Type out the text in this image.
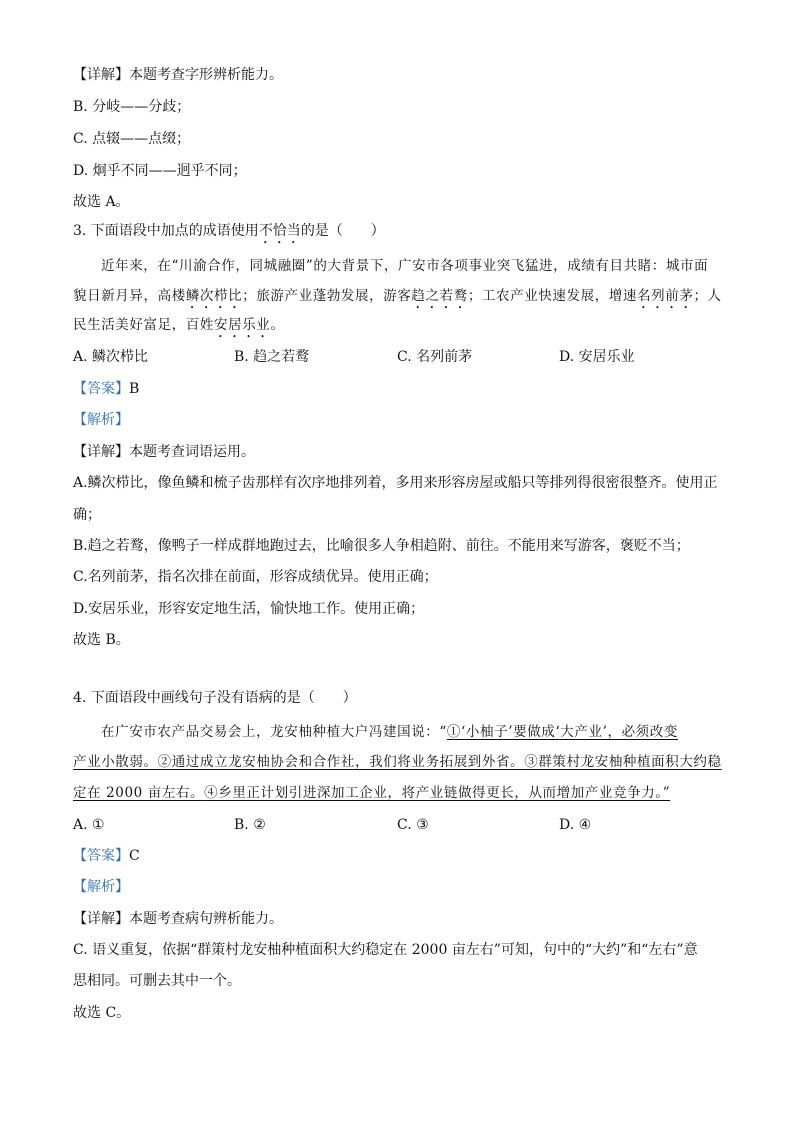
【详解】本题考查字形辨析能力。
B. 分岐——分歧；
C. 点辍——点缀；
D. 炯乎不同——迥乎不同；
故选 A。
3. 下面语段中加点的成语使用不恰当的是（　　）
近年来，在“川渝合作，同城融圈”的大背景下，广安市各项事业突飞猛进，成绩有目共睹：城市面
貌日新月异，高楼鳞次栉比；旅游产业蓬勃发展，游客趋之若鹜；工农产业快速发展，增速名列前茅；人
民生活美好富足，百姓安居乐业。
A. 鳞次栉比	B. 趋之若鹜	C. 名列前茅	D. 安居乐业
【答案】B
【解析】
【详解】本题考查词语运用。
A.鳞次栉比，像鱼鳞和梳子齿那样有次序地排列着，多用来形容房屋或船只等排列得很密很整齐。使用正
确；
B.趋之若鹜，像鸭子一样成群地跑过去，比喻很多人争相趋附、前往。不能用来写游客，褒贬不当；
C.名列前茅，指名次排在前面，形容成绩优异。使用正确；
D.安居乐业，形容安定地生活，愉快地工作。使用正确；
故选 B。
4. 下面语段中画线句子没有语病的是（　　）
在广安市农产品交易会上，龙安柚种植大户冯建国说：“①‘小柚子’要做成‘大产业’，必须改变
产业小散弱。②通过成立龙安柚协会和合作社，我们将业务拓展到外省。③群策村龙安柚种植面积大约稳
定在 2000 亩左右。④乡里正计划引进深加工企业，将产业链做得更长，从而增加产业竞争力。”
A. ①	B. ②	C. ③	D. ④
【答案】C
【解析】
【详解】本题考查病句辨析能力。
C. 语义重复，依据“群策村龙安柚种植面积大约稳定在 2000 亩左右”可知，句中的“大约”和“左右”意
思相同。可删去其中一个。
故选 C。
